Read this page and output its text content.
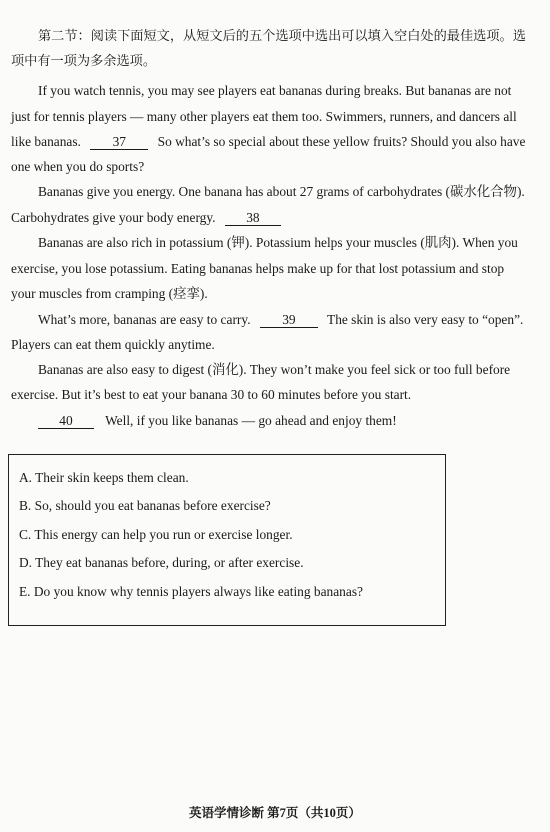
第二节：阅读下面短文，从短文后的五个选项中选出可以填入空白处的最佳选项。选
项中有一项为多余选项。
If you watch tennis, you may see players eat bananas during breaks. But bananas are not
just for tennis players — many other players eat them too. Swimmers, runners, and dancers all
like bananas. 37 So what’s so special about these yellow fruits? Should you also have
one when you do sports?
Bananas give you energy. One banana has about 27 grams of carbohydrates (碳水化合物).
Carbohydrates give your body energy. 38
Bananas are also rich in potassium (钾). Potassium helps your muscles (肌肉). When you
exercise, you lose potassium. Eating bananas helps make up for that lost potassium and stop
your muscles from cramping (痉挛).
What’s more, bananas are easy to carry. 39 The skin is also very easy to “open”.
Players can eat them quickly anytime.
Bananas are also easy to digest (消化). They won’t make you feel sick or too full before
exercise. But it’s best to eat your banana 30 to 60 minutes before you start.
40 Well, if you like bananas — go ahead and enjoy them!
A. Their skin keeps them clean.
B. So, should you eat bananas before exercise?
C. This energy can help you run or exercise longer.
D. They eat bananas before, during, or after exercise.
E. Do you know why tennis players always like eating bananas?
英语学情诊断 第7页（共10页）
